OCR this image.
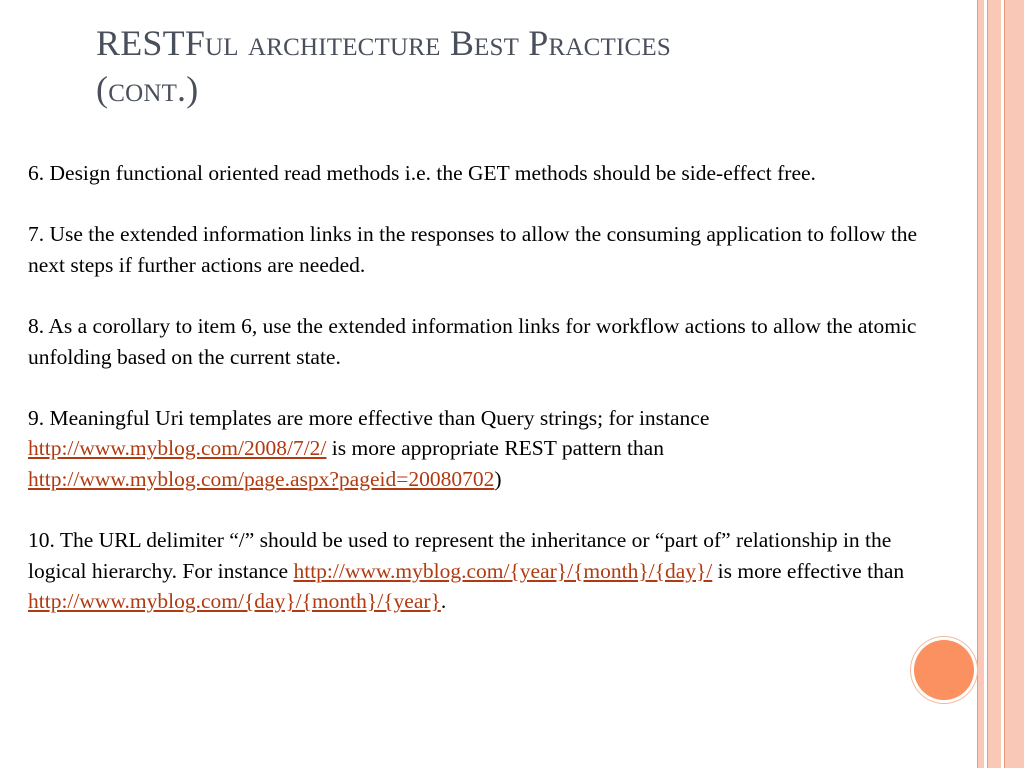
RESTFul architecture Best Practices
(cont.)

6. Design functional oriented read methods i.e. the GET methods should be side-effect free.

7. Use the extended information links in the responses to allow the consuming application to follow the next steps if further actions are needed.

8. As a corollary to item 6, use the extended information links for workflow actions to allow the atomic unfolding based on the current state.

9. Meaningful Uri templates are more effective than Query strings; for instance http://www.myblog.com/2008/7/2/ is more appropriate REST pattern than http://www.myblog.com/page.aspx?pageid=20080702)

10. The URL delimiter “/” should be used to represent the inheritance or “part of” relationship in the logical hierarchy. For instance http://www.myblog.com/{year}/{month}/{day}/ is more effective than http://www.myblog.com/{day}/{month}/{year}.
